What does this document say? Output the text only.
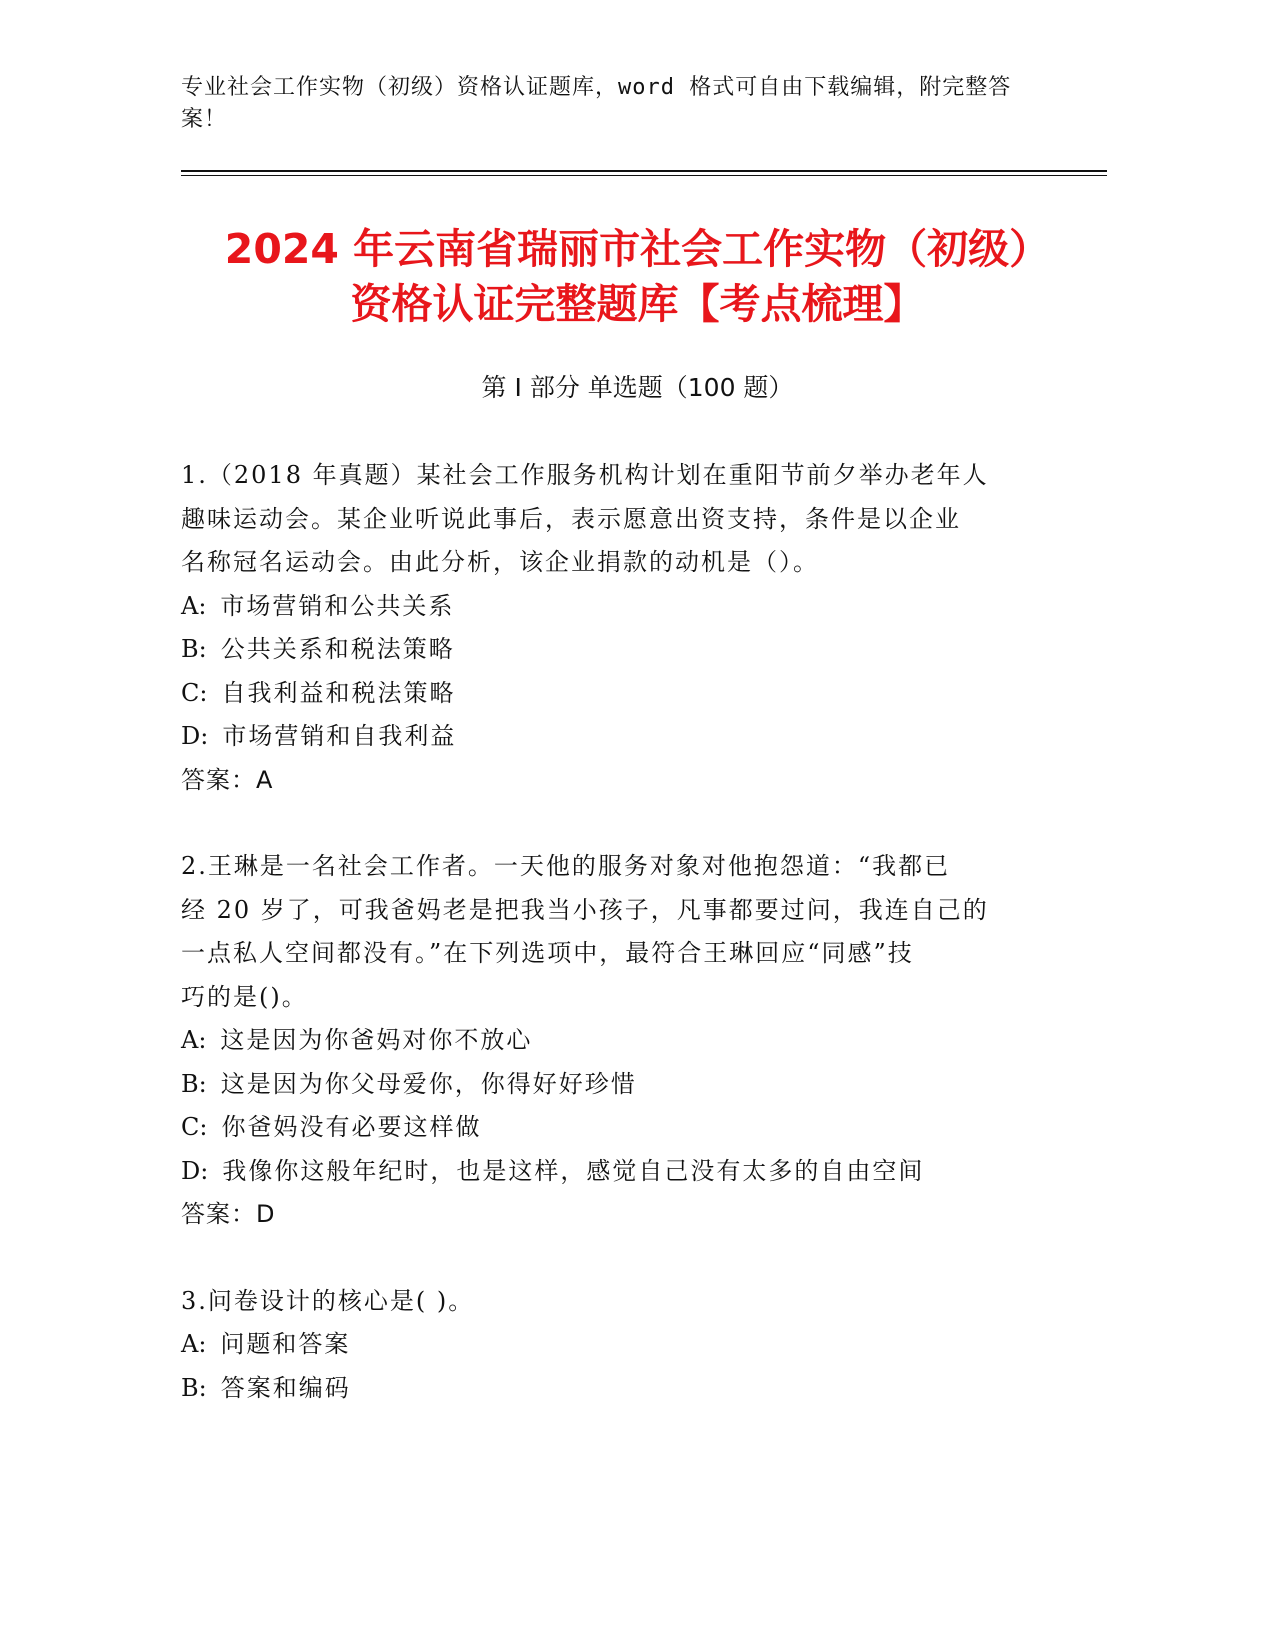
专业社会工作实物（初级）资格认证题库，word 格式可自由下载编辑，附完整答
案！
2024 年云南省瑞丽市社会工作实物（初级）
资格认证完整题库【考点梳理】
第 I 部分 单选题（100 题）
1.（2018 年真题）某社会工作服务机构计划在重阳节前夕举办老年人
趣味运动会。某企业听说此事后，表示愿意出资支持，条件是以企业
名称冠名运动会。由此分析，该企业捐款的动机是（）。
A: 市场营销和公共关系
B: 公共关系和税法策略
C: 自我利益和税法策略
D: 市场营销和自我利益
答案：A
2.王琳是一名社会工作者。一天他的服务对象对他抱怨道：“我都已
经 20 岁了，可我爸妈老是把我当小孩子，凡事都要过问，我连自己的
一点私人空间都没有。”在下列选项中，最符合王琳回应“同感”技
巧的是()。
A: 这是因为你爸妈对你不放心
B: 这是因为你父母爱你，你得好好珍惜
C: 你爸妈没有必要这样做
D: 我像你这般年纪时，也是这样，感觉自己没有太多的自由空间
答案：D
3.问卷设计的核心是( )。
A: 问题和答案
B: 答案和编码
